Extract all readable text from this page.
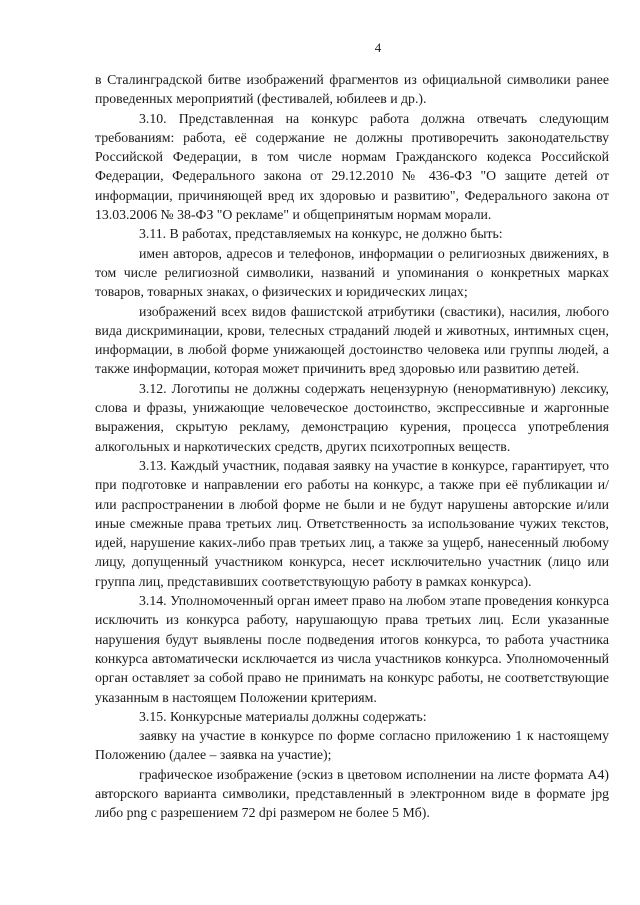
4

в Сталинградской битве изображений фрагментов из официальной символики ранее проведенных мероприятий (фестивалей, юбилеев и др.).

3.10. Представленная на конкурс работа должна отвечать следующим требованиям: работа, её содержание не должны противоречить законодательству Российской Федерации, в том числе нормам Гражданского кодекса Российской Федерации, Федерального закона от 29.12.2010 № 436-ФЗ "О защите детей от информации, причиняющей вред их здоровью и развитию", Федерального закона от 13.03.2006 № 38-ФЗ "О рекламе" и общепринятым нормам морали.

3.11. В работах, представляемых на конкурс, не должно быть:

имен авторов, адресов и телефонов, информации о религиозных движениях, в том числе религиозной символики, названий и упоминания о конкретных марках товаров, товарных знаках, о физических и юридических лицах;

изображений всех видов фашистской атрибутики (свастики), насилия, любого вида дискриминации, крови, телесных страданий людей и животных, интимных сцен, информации, в любой форме унижающей достоинство человека или группы людей, а также информации, которая может причинить вред здоровью или развитию детей.

3.12. Логотипы не должны содержать нецензурную (ненормативную) лексику, слова и фразы, унижающие человеческое достоинство, экспрессивные и жаргонные выражения, скрытую рекламу, демонстрацию курения, процесса употребления алкогольных и наркотических средств, других психотропных веществ.

3.13. Каждый участник, подавая заявку на участие в конкурсе, гарантирует, что при подготовке и направлении его работы на конкурс, а также при её публикации и/или распространении в любой форме не были и не будут нарушены авторские и/или иные смежные права третьих лиц. Ответственность за использование чужих текстов, идей, нарушение каких-либо прав третьих лиц, а также за ущерб, нанесенный любому лицу, допущенный участником конкурса, несет исключительно участник (лицо или группа лиц, представивших соответствующую работу в рамках конкурса).

3.14. Уполномоченный орган имеет право на любом этапе проведения конкурса исключить из конкурса работу, нарушающую права третьих лиц. Если указанные нарушения будут выявлены после подведения итогов конкурса, то работа участника конкурса автоматически исключается из числа участников конкурса. Уполномоченный орган оставляет за собой право не принимать на конкурс работы, не соответствующие указанным в настоящем Положении критериям.

3.15. Конкурсные материалы должны содержать:

заявку на участие в конкурсе по форме согласно приложению 1 к настоящему Положению (далее – заявка на участие);

графическое изображение (эскиз в цветовом исполнении на листе формата А4) авторского варианта символики, представленный в электронном виде в формате jpg либо png с разрешением 72 dpi размером не более 5 Мб).
